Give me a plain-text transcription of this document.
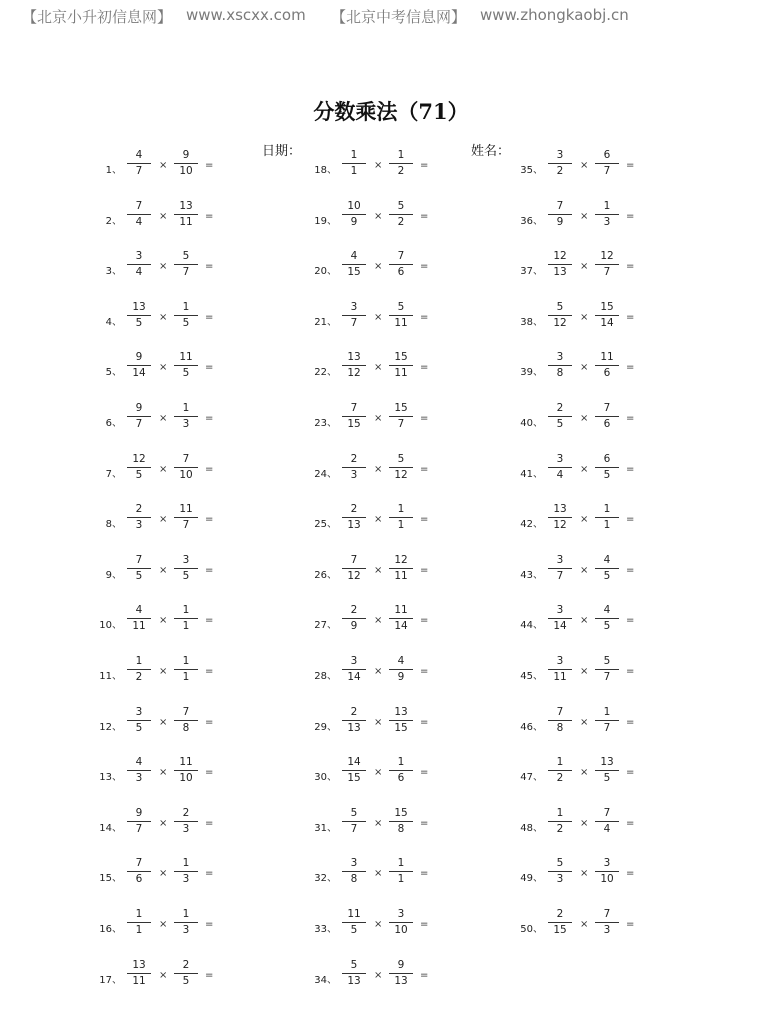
【北京小升初信息网】 www.xscxx.com 【北京中考信息网】 www.zhongkaobj.cn
分数乘法（71）
日期：	姓名：
1、
4
7	×
9
10	=
2、
7
4	×
13
11	=
3、
3
4	×
5
7	=
4、
13
5	×
1
5	=
5、
9
14	×
11
5	=
6、
9
7	×
1
3	=
7、
12
5	×
7
10	=
8、
2
3	×
11
7	=
9、
7
5	×
3
5	=
10、
4
11	×
1
1	=
11、
1
2	×
1
1	=
12、
3
5	×
7
8	=
13、
4
3	×
11
10	=
14、
9
7	×
2
3	=
15、
7
6	×
1
3	=
16、
1
1	×
1
3	=
17、
13
11	×
2
5	=
18、
1
1	×
1
2	=
19、
10
9	×
5
2	=
20、
4
15	×
7
6	=
21、
3
7	×
5
11	=
22、
13
12	×
15
11	=
23、
7
15	×
15
7	=
24、
2
3	×
5
12	=
25、
2
13	×
1
1	=
26、
7
12	×
12
11	=
27、
2
9	×
11
14	=
28、
3
14	×
4
9	=
29、
2
13	×
13
15	=
30、
14
15	×
1
6	=
31、
5
7	×
15
8	=
32、
3
8	×
1
1	=
33、
11
5	×
3
10	=
34、
5
13	×
9
13	=
35、
3
2	×
6
7	=
36、
7
9	×
1
3	=
37、
12
13	×
12
7	=
38、
5
12	×
15
14	=
39、
3
8	×
11
6	=
40、
2
5	×
7
6	=
41、
3
4	×
6
5	=
42、
13
12	×
1
1	=
43、
3
7	×
4
5	=
44、
3
14	×
4
5	=
45、
3
11	×
5
7	=
46、
7
8	×
1
7	=
47、
1
2	×
13
5	=
48、
1
2	×
7
4	=
49、
5
3	×
3
10	=
50、
2
15	×
7
3	=
